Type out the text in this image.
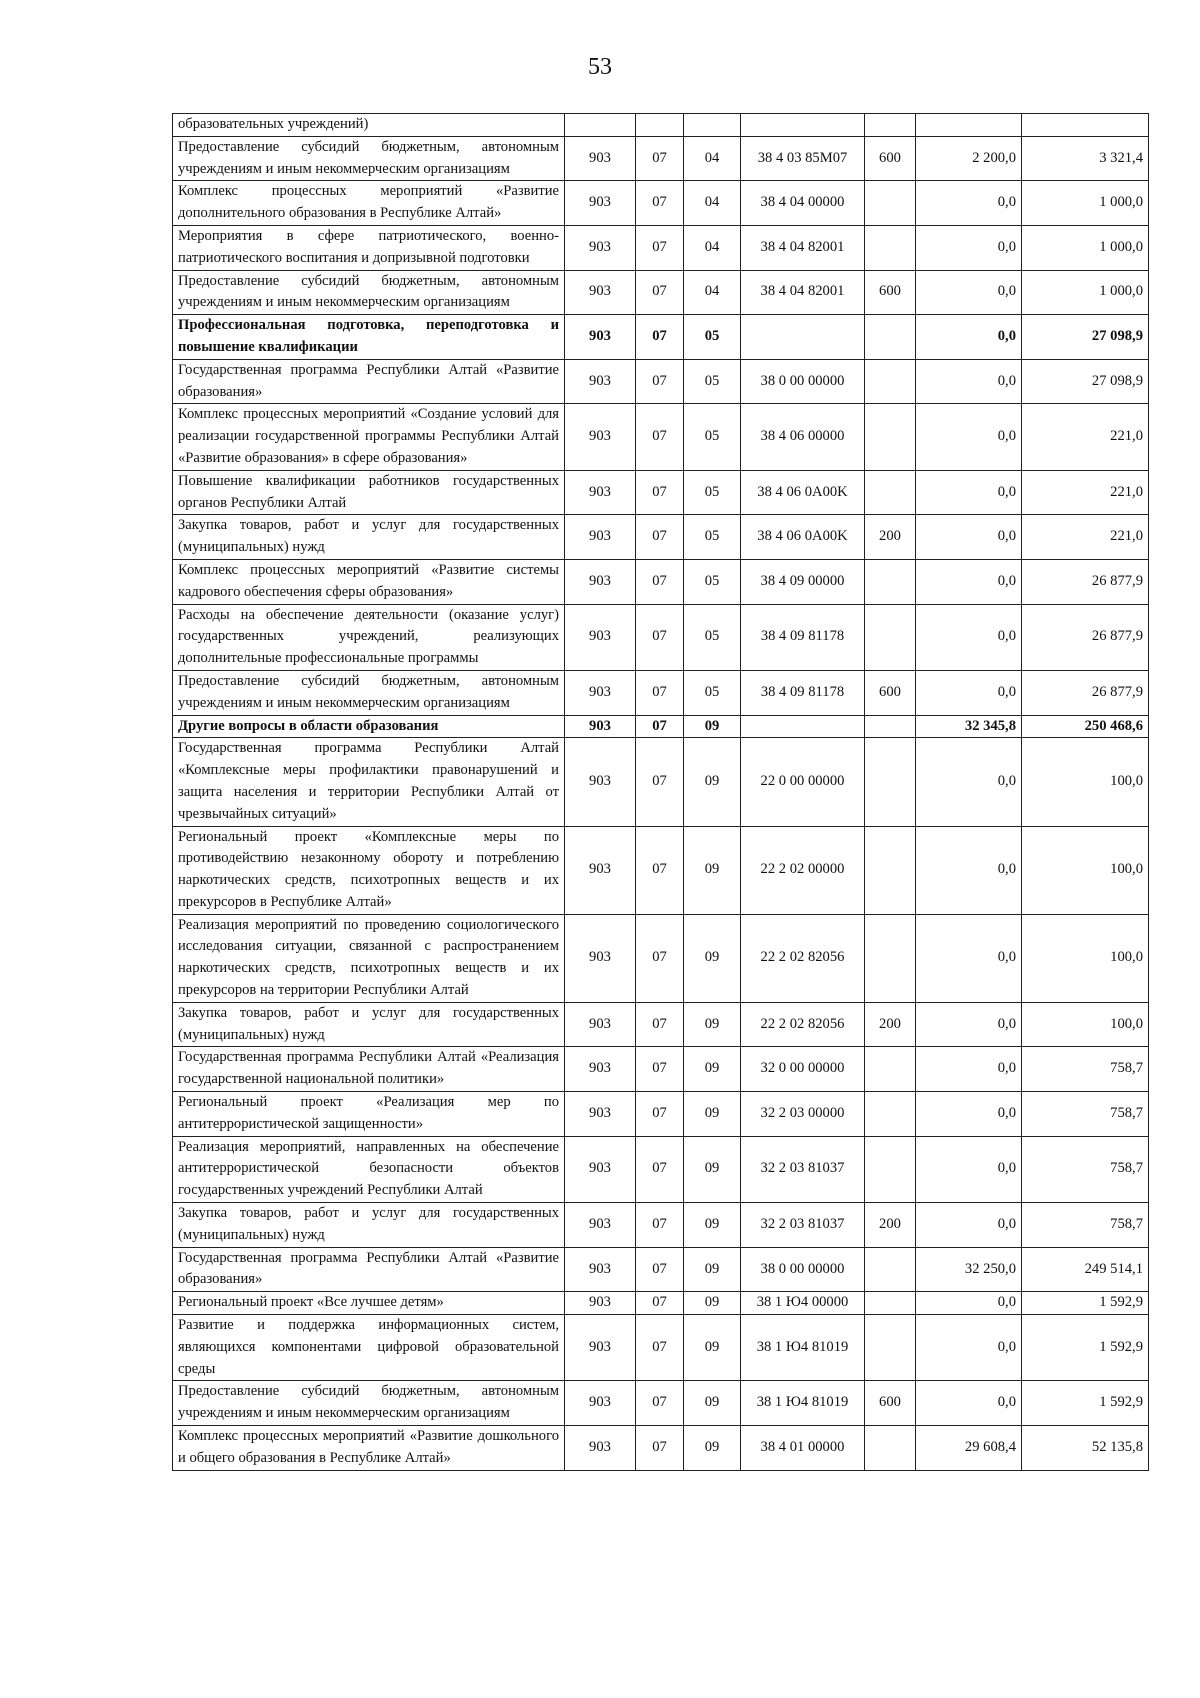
53
образовательных учреждений)							
Предоставление субсидий бюджетным, автономным учреждениям и иным некоммерческим организациям	903	07	04	38 4 03 85M07	600	2 200,0	3 321,4
Комплекс процессных мероприятий «Развитие дополнительного образования в Республике Алтай»	903	07	04	38 4 04 00000		0,0	1 000,0
Мероприятия в сфере патриотического, военно-патриотического воспитания и допризывной подготовки	903	07	04	38 4 04 82001		0,0	1 000,0
Предоставление субсидий бюджетным, автономным учреждениям и иным некоммерческим организациям	903	07	04	38 4 04 82001	600	0,0	1 000,0
Профессиональная подготовка, переподготовка и повышение квалификации	903	07	05			0,0	27 098,9
Государственная программа Республики Алтай «Развитие образования»	903	07	05	38 0 00 00000		0,0	27 098,9
Комплекс процессных мероприятий «Создание условий для реализации государственной программы Республики Алтай «Развитие образования» в сфере образования»	903	07	05	38 4 06 00000		0,0	221,0
Повышение квалификации работников государственных органов Республики Алтай	903	07	05	38 4 06 0A00K		0,0	221,0
Закупка товаров, работ и услуг для государственных (муниципальных) нужд	903	07	05	38 4 06 0A00K	200	0,0	221,0
Комплекс процессных мероприятий «Развитие системы кадрового обеспечения сферы образования»	903	07	05	38 4 09 00000		0,0	26 877,9
Расходы на обеспечение деятельности (оказание услуг) государственных учреждений, реализующих дополнительные профессиональные программы	903	07	05	38 4 09 81178		0,0	26 877,9
Предоставление субсидий бюджетным, автономным учреждениям и иным некоммерческим организациям	903	07	05	38 4 09 81178	600	0,0	26 877,9
Другие вопросы в области образования	903	07	09			32 345,8	250 468,6
Государственная программа Республики Алтай «Комплексные меры профилактики правонарушений и защита населения и территории Республики Алтай от чрезвычайных ситуаций»	903	07	09	22 0 00 00000		0,0	100,0
Региональный проект «Комплексные меры по противодействию незаконному обороту и потреблению наркотических средств, психотропных веществ и их прекурсоров в Республике Алтай»	903	07	09	22 2 02 00000		0,0	100,0
Реализация мероприятий по проведению социологического исследования ситуации, связанной с распространением наркотических средств, психотропных веществ и их прекурсоров на территории Республики Алтай	903	07	09	22 2 02 82056		0,0	100,0
Закупка товаров, работ и услуг для государственных (муниципальных) нужд	903	07	09	22 2 02 82056	200	0,0	100,0
Государственная программа Республики Алтай «Реализация государственной национальной политики»	903	07	09	32 0 00 00000		0,0	758,7
Региональный проект «Реализация мер по антитеррористической защищенности»	903	07	09	32 2 03 00000		0,0	758,7
Реализация мероприятий, направленных на обеспечение антитеррористической безопасности объектов государственных учреждений Республики Алтай	903	07	09	32 2 03 81037		0,0	758,7
Закупка товаров, работ и услуг для государственных (муниципальных) нужд	903	07	09	32 2 03 81037	200	0,0	758,7
Государственная программа Республики Алтай «Развитие образования»	903	07	09	38 0 00 00000		32 250,0	249 514,1
Региональный проект «Все лучшее детям»	903	07	09	38 1 Ю4 00000		0,0	1 592,9
Развитие и поддержка информационных систем, являющихся компонентами цифровой образовательной среды	903	07	09	38 1 Ю4 81019		0,0	1 592,9
Предоставление субсидий бюджетным, автономным учреждениям и иным некоммерческим организациям	903	07	09	38 1 Ю4 81019	600	0,0	1 592,9
Комплекс процессных мероприятий «Развитие дошкольного и общего образования в Республике Алтай»	903	07	09	38 4 01 00000		29 608,4	52 135,8
